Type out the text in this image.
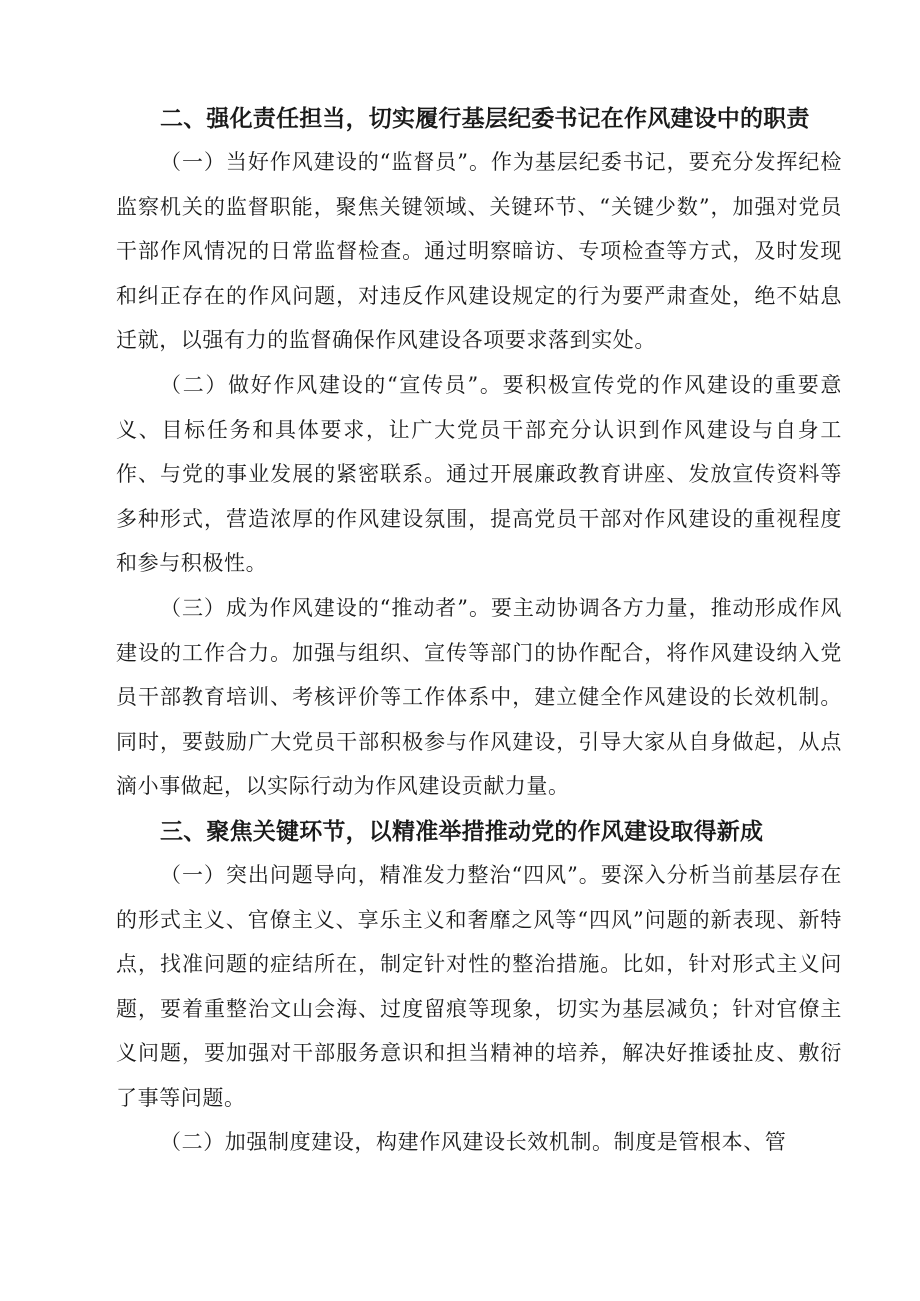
二、强化责任担当，切实履行基层纪委书记在作风建设中的职责

（一）当好作风建设的“监督员”。作为基层纪委书记，要充分发挥纪检监察机关的监督职能，聚焦关键领域、关键环节、“关键少数”，加强对党员干部作风情况的日常监督检查。通过明察暗访、专项检查等方式，及时发现和纠正存在的作风问题，对违反作风建设规定的行为要严肃查处，绝不姑息迁就，以强有力的监督确保作风建设各项要求落到实处。

（二）做好作风建设的“宣传员”。要积极宣传党的作风建设的重要意义、目标任务和具体要求，让广大党员干部充分认识到作风建设与自身工作、与党的事业发展的紧密联系。通过开展廉政教育讲座、发放宣传资料等多种形式，营造浓厚的作风建设氛围，提高党员干部对作风建设的重视程度和参与积极性。

（三）成为作风建设的“推动者”。要主动协调各方力量，推动形成作风建设的工作合力。加强与组织、宣传等部门的协作配合，将作风建设纳入党员干部教育培训、考核评价等工作体系中，建立健全作风建设的长效机制。同时，要鼓励广大党员干部积极参与作风建设，引导大家从自身做起，从点滴小事做起，以实际行动为作风建设贡献力量。

三、聚焦关键环节，以精准举措推动党的作风建设取得新成

（一）突出问题导向，精准发力整治“四风”。要深入分析当前基层存在的形式主义、官僚主义、享乐主义和奢靡之风等“四风”问题的新表现、新特点，找准问题的症结所在，制定针对性的整治措施。比如，针对形式主义问题，要着重整治文山会海、过度留痕等现象，切实为基层减负；针对官僚主义问题，要加强对干部服务意识和担当精神的培养，解决好推诿扯皮、敷衍了事等问题。

（二）加强制度建设，构建作风建设长效机制。制度是管根本、管
